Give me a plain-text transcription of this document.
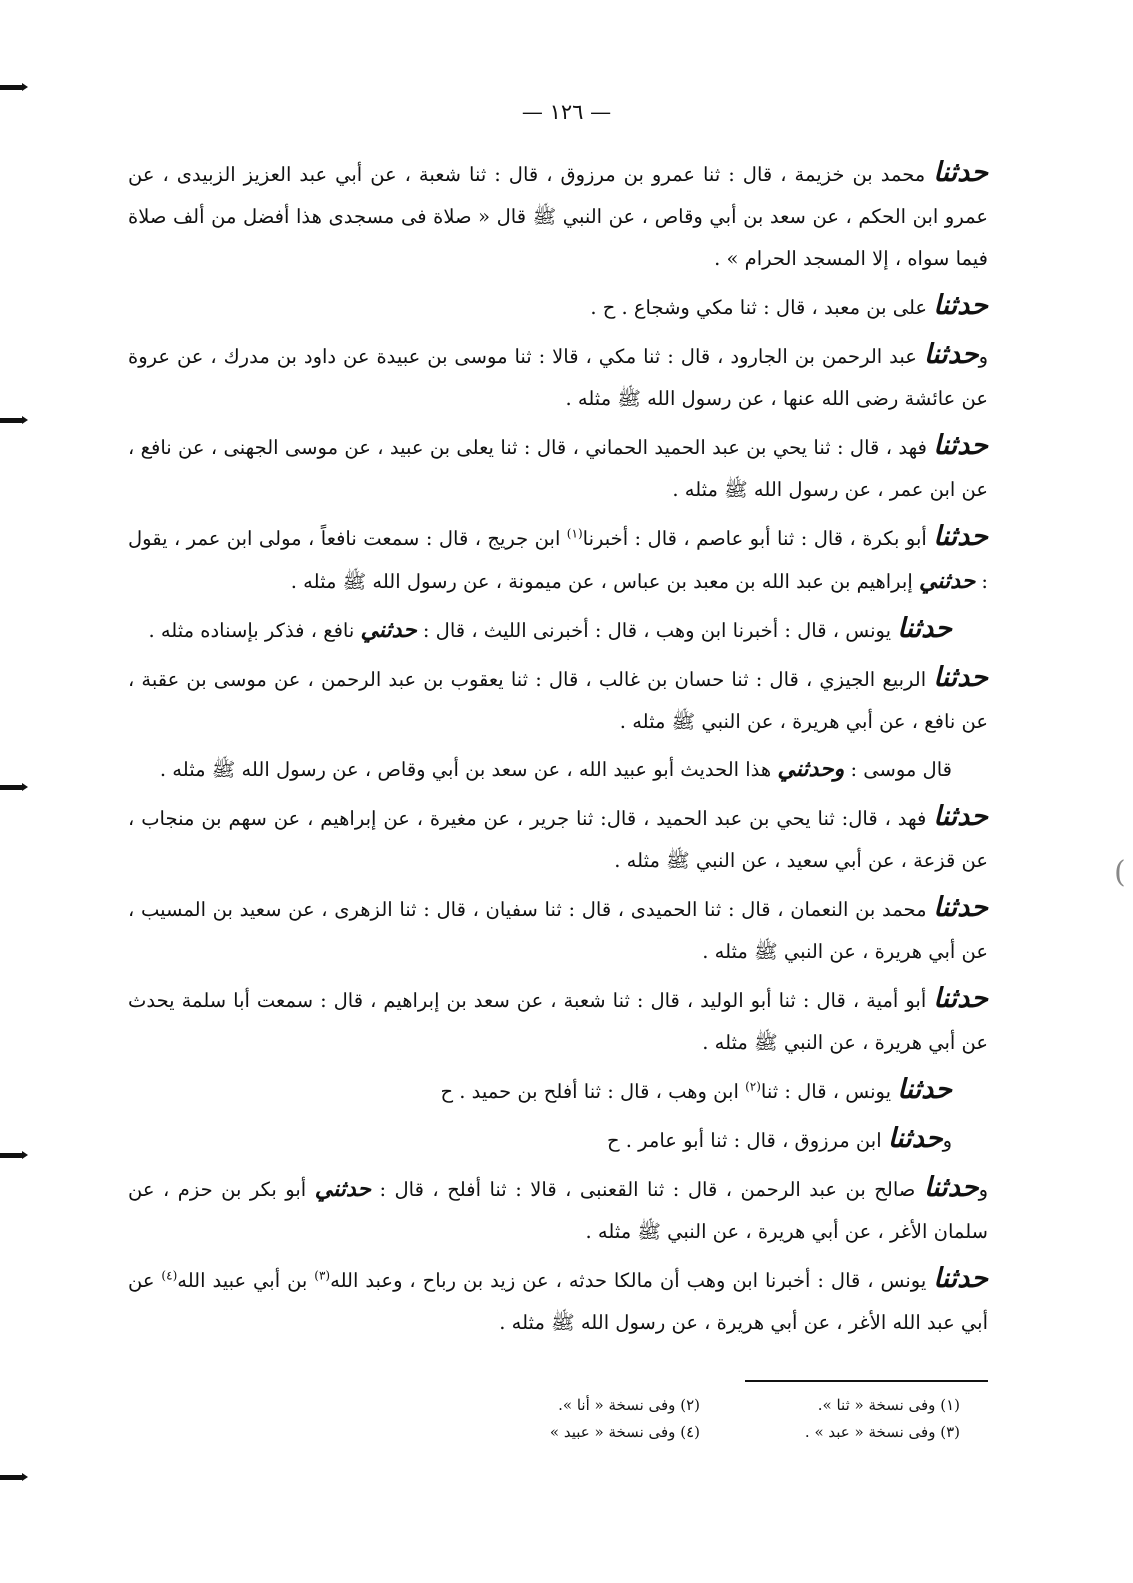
— ١٢٦ —

حدثنا محمد بن خزيمة ، قال : ثنا عمرو بن مرزوق ، قال : ثنا شعبة ، عن أبي عبد العزيز الزبيدى ، عن عمرو ابن الحكم ، عن سعد بن أبي وقاص ، عن النبي ﷺ قال « صلاة فى مسجدى هذا أفضل من ألف صلاة فيما سواه ، إلا المسجد الحرام » .

حدثنا على بن معبد ، قال : ثنا مكي وشجاع . ح .

وحدثنا عبد الرحمن بن الجارود ، قال : ثنا مكي ، قالا : ثنا موسى بن عبيدة عن داود بن مدرك ، عن عروة عن عائشة رضى الله عنها ، عن رسول الله ﷺ مثله .

حدثنا فهد ، قال : ثنا يحي بن عبد الحميد الحماني ، قال : ثنا يعلى بن عبيد ، عن موسى الجهنى ، عن نافع ، عن ابن عمر ، عن رسول الله ﷺ مثله .

حدثنا أبو بكرة ، قال : ثنا أبو عاصم ، قال : أخبرنا$^{(١)}$ ابن جريج ، قال : سمعت نافعاً ، مولى ابن عمر ، يقول : حدثني إبراهيم بن عبد الله بن معبد بن عباس ، عن ميمونة ، عن رسول الله ﷺ مثله .

حدثنا يونس ، قال : أخبرنا ابن وهب ، قال : أخبرنى الليث ، قال : حدثني نافع ، فذكر بإسناده مثله .

حدثنا الربيع الجيزي ، قال : ثنا حسان بن غالب ، قال : ثنا يعقوب بن عبد الرحمن ، عن موسى بن عقبة ، عن نافع ، عن أبي هريرة ، عن النبي ﷺ مثله .

قال موسى : وحدثني هذا الحديث أبو عبيد الله ، عن سعد بن أبي وقاص ، عن رسول الله ﷺ مثله .

حدثنا فهد ، قال: ثنا يحي بن عبد الحميد ، قال: ثنا جرير ، عن مغيرة ، عن إبراهيم ، عن سهم بن منجاب ، عن قزعة ، عن أبي سعيد ، عن النبي ﷺ مثله .

حدثنا محمد بن النعمان ، قال : ثنا الحميدى ، قال : ثنا سفيان ، قال : ثنا الزهرى ، عن سعيد بن المسيب ، عن أبي هريرة ، عن النبي ﷺ مثله .

حدثنا أبو أمية ، قال : ثنا أبو الوليد ، قال : ثنا شعبة ، عن سعد بن إبراهيم ، قال : سمعت أبا سلمة يحدث عن أبي هريرة ، عن النبي ﷺ مثله .

حدثنا يونس ، قال : ثنا$^{(٢)}$ ابن وهب ، قال : ثنا أفلح بن حميد . ح

وحدثنا ابن مرزوق ، قال : ثنا أبو عامر . ح

وحدثنا صالح بن عبد الرحمن ، قال : ثنا القعنبى ، قالا : ثنا أفلح ، قال : حدثني أبو بكر بن حزم ، عن سلمان الأغر ، عن أبي هريرة ، عن النبي ﷺ مثله .

حدثنا يونس ، قال : أخبرنا ابن وهب أن مالكا حدثه ، عن زيد بن رباح ، وعبد الله$^{(٣)}$ بن أبي عبيد الله$^{(٤)}$ عن أبي عبد الله الأغر ، عن أبي هريرة ، عن رسول الله ﷺ مثله .

(١) وفى نسخة « ثنا ».
(٢) وفى نسخة « أنا ».
(٣) وفى نسخة « عبد » .
(٤) وفى نسخة « عبيد »
(
